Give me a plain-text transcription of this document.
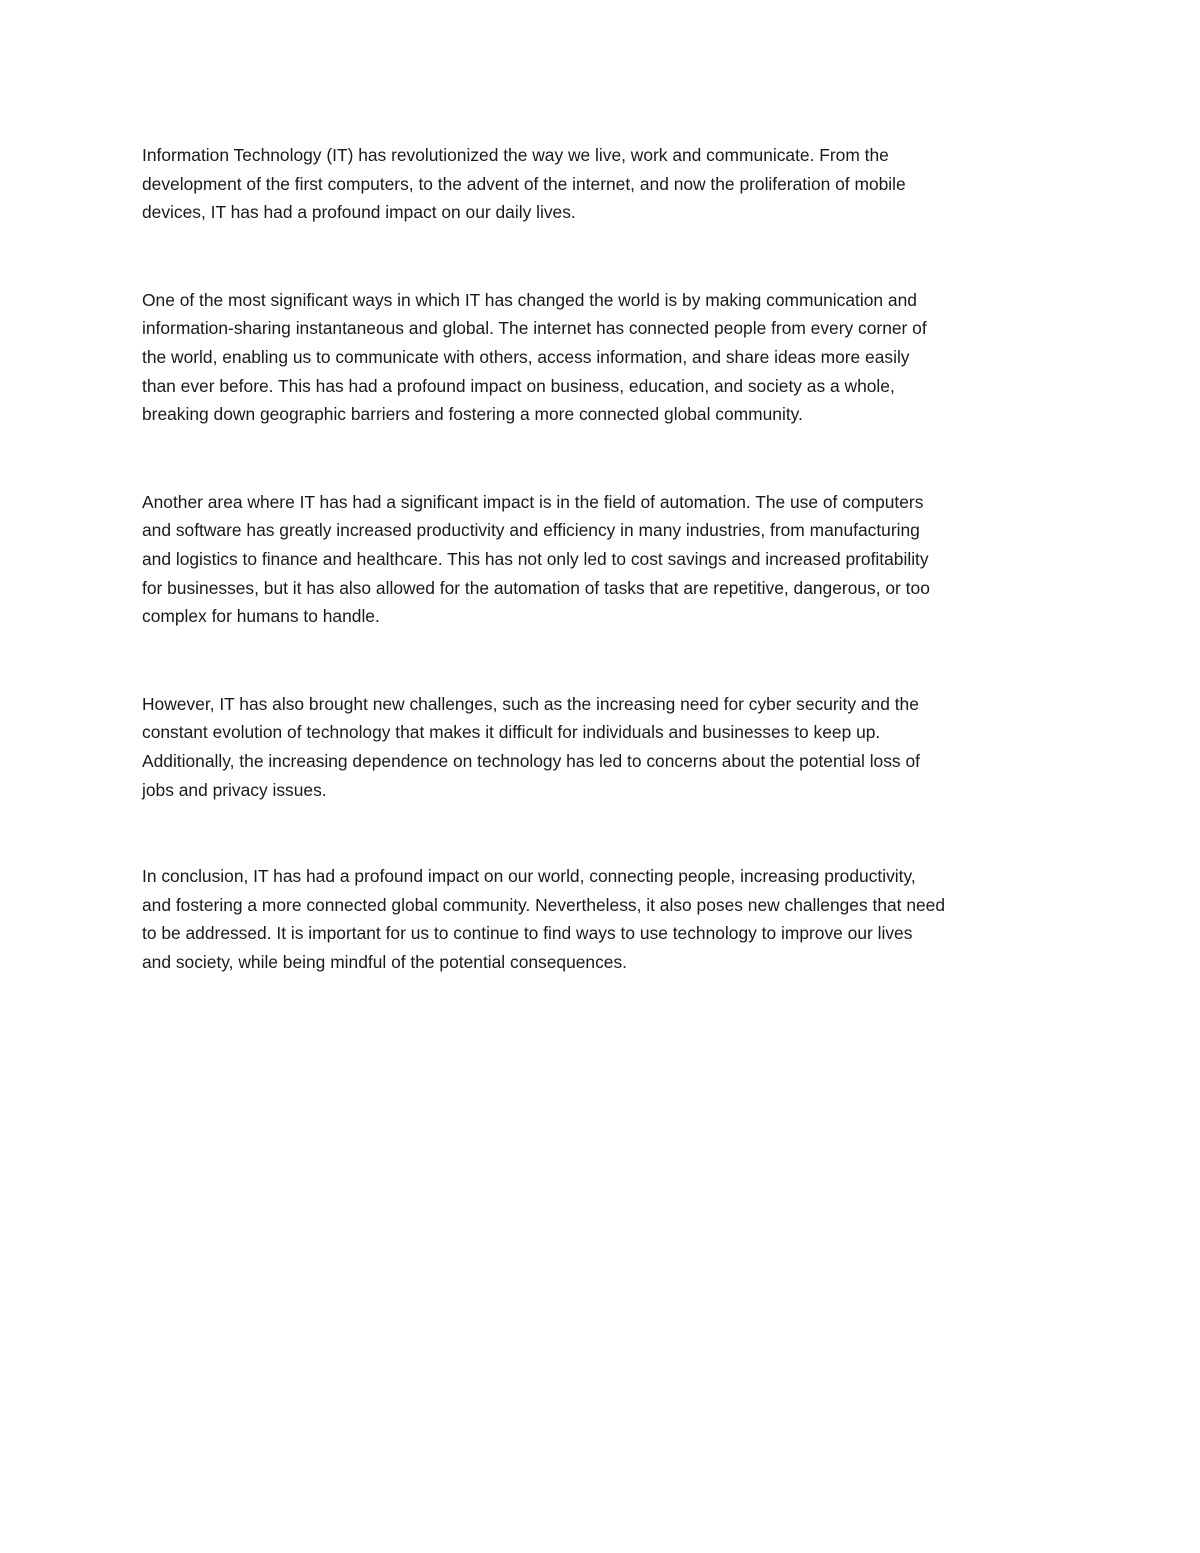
Information Technology (IT) has revolutionized the way we live, work and communicate. From the
development of the first computers, to the advent of the internet, and now the proliferation of mobile
devices, IT has had a profound impact on our daily lives.

One of the most significant ways in which IT has changed the world is by making communication and
information-sharing instantaneous and global. The internet has connected people from every corner of
the world, enabling us to communicate with others, access information, and share ideas more easily
than ever before. This has had a profound impact on business, education, and society as a whole,
breaking down geographic barriers and fostering a more connected global community.

Another area where IT has had a significant impact is in the field of automation. The use of computers
and software has greatly increased productivity and efficiency in many industries, from manufacturing
and logistics to finance and healthcare. This has not only led to cost savings and increased profitability
for businesses, but it has also allowed for the automation of tasks that are repetitive, dangerous, or too
complex for humans to handle.

However, IT has also brought new challenges, such as the increasing need for cyber security and the
constant evolution of technology that makes it difficult for individuals and businesses to keep up.
Additionally, the increasing dependence on technology has led to concerns about the potential loss of
jobs and privacy issues.

In conclusion, IT has had a profound impact on our world, connecting people, increasing productivity,
and fostering a more connected global community. Nevertheless, it also poses new challenges that need
to be addressed. It is important for us to continue to find ways to use technology to improve our lives
and society, while being mindful of the potential consequences.
